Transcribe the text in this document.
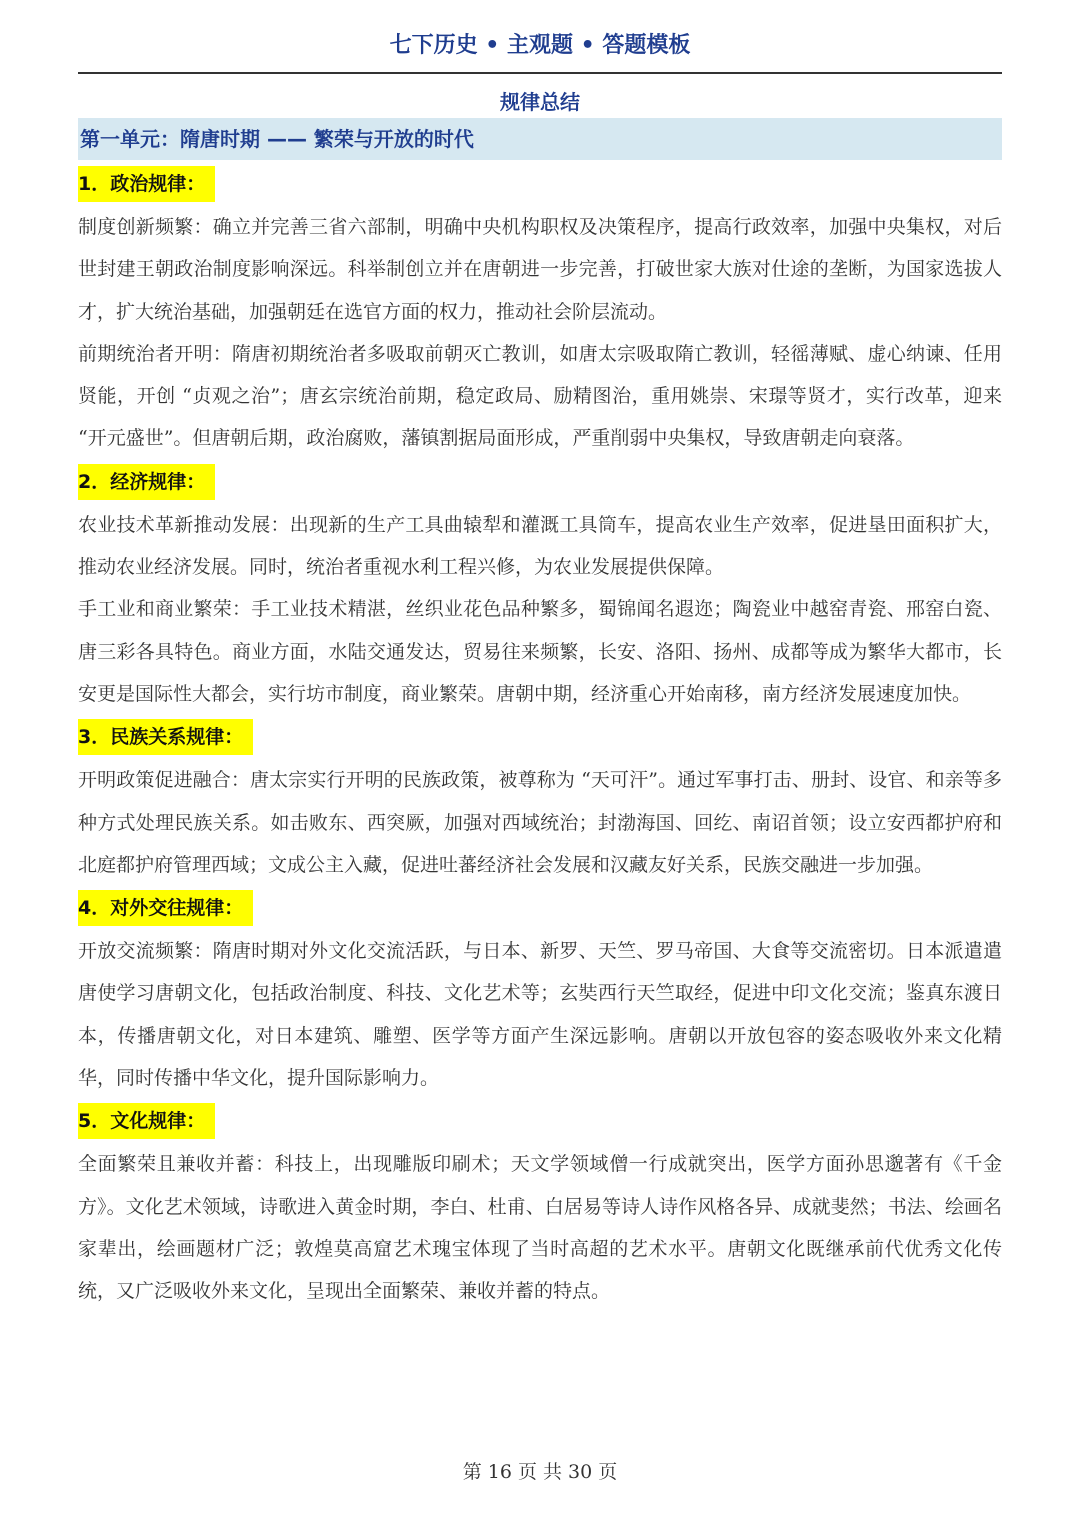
七下历史 • 主观题 • 答题模板
规律总结
第一单元：隋唐时期 —— 繁荣与开放的时代
1．政治规律：

制度创新频繁：确立并完善三省六部制，明确中央机构职权及决策程序，提高行政效率，加强中央集权，对后世封建王朝政治制度影响深远。科举制创立并在唐朝进一步完善，打破世家大族对仕途的垄断，为国家选拔人才，扩大统治基础，加强朝廷在选官方面的权力，推动社会阶层流动。

前期统治者开明：隋唐初期统治者多吸取前朝灭亡教训，如唐太宗吸取隋亡教训，轻徭薄赋、虚心纳谏、任用贤能，开创 “贞观之治”；唐玄宗统治前期，稳定政局、励精图治，重用姚崇、宋璟等贤才，实行改革，迎来 “开元盛世”。但唐朝后期，政治腐败，藩镇割据局面形成，严重削弱中央集权，导致唐朝走向衰落。

2．经济规律：

农业技术革新推动发展：出现新的生产工具曲辕犁和灌溉工具筒车，提高农业生产效率，促进垦田面积扩大，推动农业经济发展。同时，统治者重视水利工程兴修，为农业发展提供保障。

手工业和商业繁荣：手工业技术精湛，丝织业花色品种繁多，蜀锦闻名遐迩；陶瓷业中越窑青瓷、邢窑白瓷、唐三彩各具特色。商业方面，水陆交通发达，贸易往来频繁，长安、洛阳、扬州、成都等成为繁华大都市，长安更是国际性大都会，实行坊市制度，商业繁荣。唐朝中期，经济重心开始南移，南方经济发展速度加快。

3．民族关系规律：

开明政策促进融合：唐太宗实行开明的民族政策，被尊称为 “天可汗”。通过军事打击、册封、设官、和亲等多种方式处理民族关系。如击败东、西突厥，加强对西域统治；封渤海国、回纥、南诏首领；设立安西都护府和北庭都护府管理西域；文成公主入藏，促进吐蕃经济社会发展和汉藏友好关系，民族交融进一步加强。

4．对外交往规律：

开放交流频繁：隋唐时期对外文化交流活跃，与日本、新罗、天竺、罗马帝国、大食等交流密切。日本派遣遣唐使学习唐朝文化，包括政治制度、科技、文化艺术等；玄奘西行天竺取经，促进中印文化交流；鉴真东渡日本，传播唐朝文化，对日本建筑、雕塑、医学等方面产生深远影响。唐朝以开放包容的姿态吸收外来文化精华，同时传播中华文化，提升国际影响力。

5．文化规律：

全面繁荣且兼收并蓄：科技上，出现雕版印刷术；天文学领域僧一行成就突出，医学方面孙思邈著有《千金方》。文化艺术领域，诗歌进入黄金时期，李白、杜甫、白居易等诗人诗作风格各异、成就斐然；书法、绘画名家辈出，绘画题材广泛；敦煌莫高窟艺术瑰宝体现了当时高超的艺术水平。唐朝文化既继承前代优秀文化传统，又广泛吸收外来文化，呈现出全面繁荣、兼收并蓄的特点。

第 16 页 共 30 页
